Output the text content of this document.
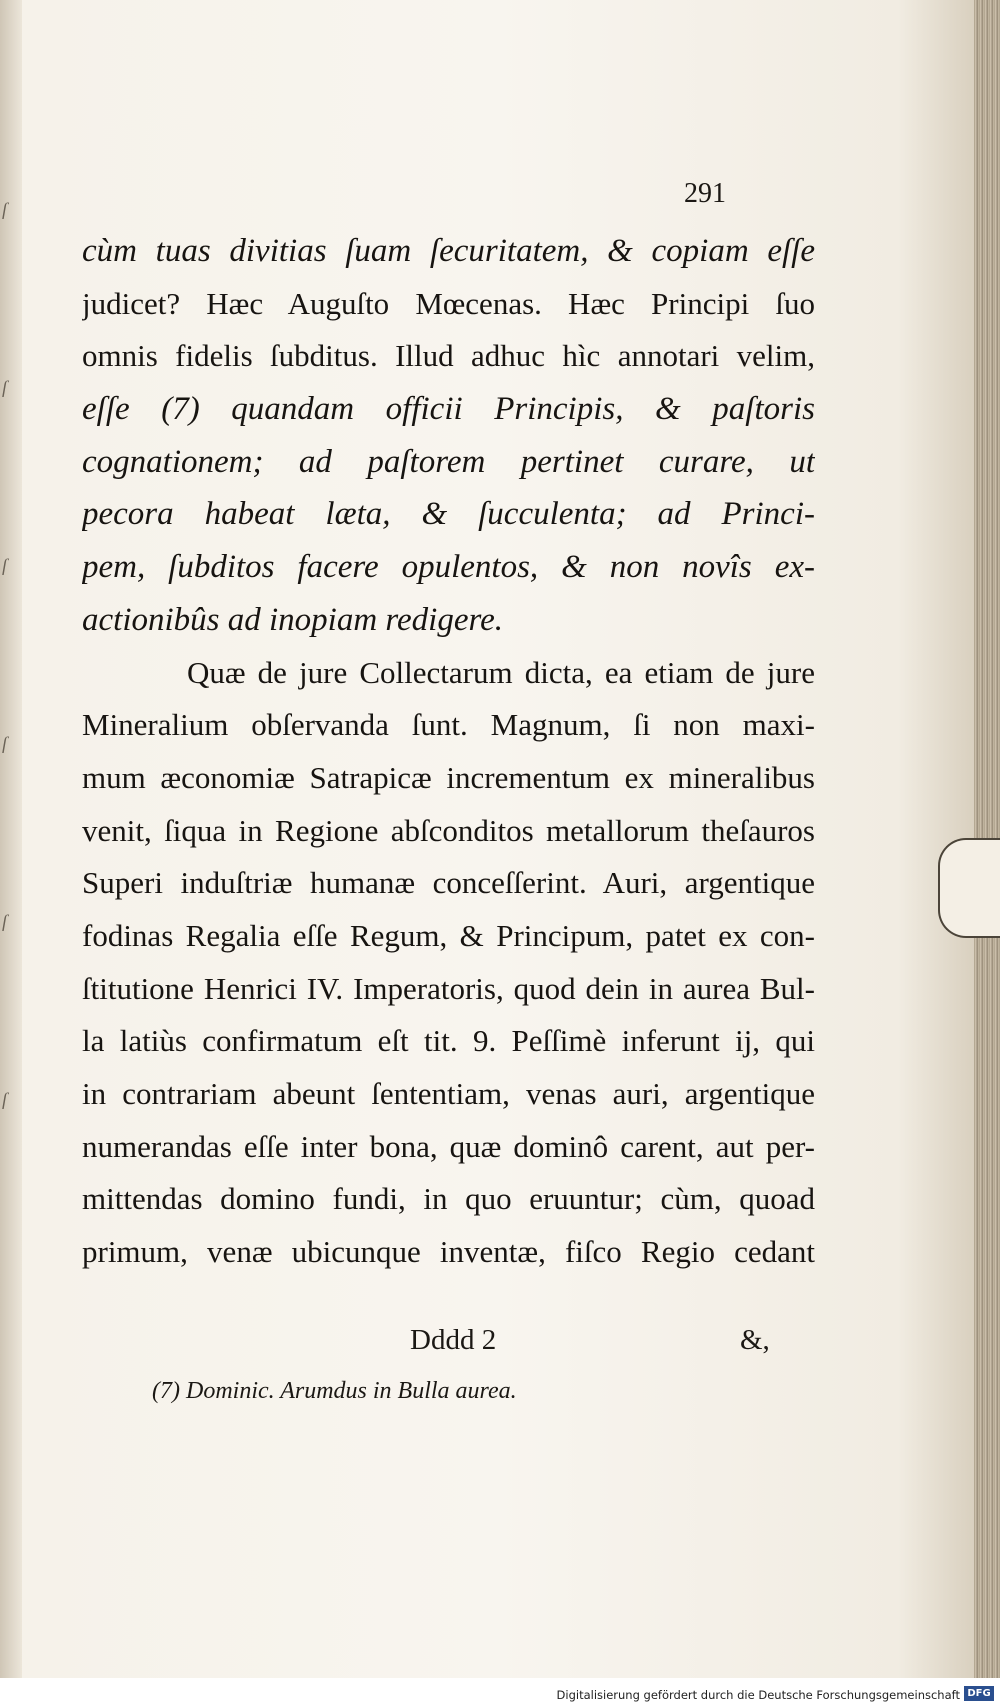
ſ
ſ
ſ
ſ
ſ
ſ
291
cùm tuas divitias ſuam ſecuritatem, & copiam eſſe
judicet? Hæc Auguſto Mœcenas. Hæc Principi ſuo
omnis fidelis ſubditus. Illud adhuc hìc annotari velim,
eſſe (7) quandam officii Principis, & paſtoris
cognationem; ad paſtorem pertinet curare, ut
pecora habeat læta, & ſucculenta; ad Princi-
pem, ſubditos facere opulentos, & non novîs ex-
actionibûs ad inopiam redigere.
Quæ de jure Collectarum dicta, ea etiam de jure
Mineralium obſervanda ſunt. Magnum, ſi non maxi-
mum æconomiæ Satrapicæ incrementum ex mineralibus
venit, ſiqua in Regione abſconditos metallorum theſauros
Superi induſtriæ humanæ conceſſerint. Auri, argentique
fodinas Regalia eſſe Regum, & Principum, patet ex con-
ſtitutione Henrici IV. Imperatoris, quod dein in aurea Bul-
la latiùs confirmatum eſt tit. 9. Peſſimè inferunt ij, qui
in contrariam abeunt ſententiam, venas auri, argentique
numerandas eſſe inter bona, quæ dominô carent, aut per-
mittendas domino fundi, in quo eruuntur; cùm, quoad
primum, venæ ubicunque inventæ, fiſco Regio cedant
Dddd 2	&,
(7) Dominic. Arumdus in Bulla aurea.
Digitalisierung gefördert durch die Deutsche Forschungsgemeinschaft DFG
